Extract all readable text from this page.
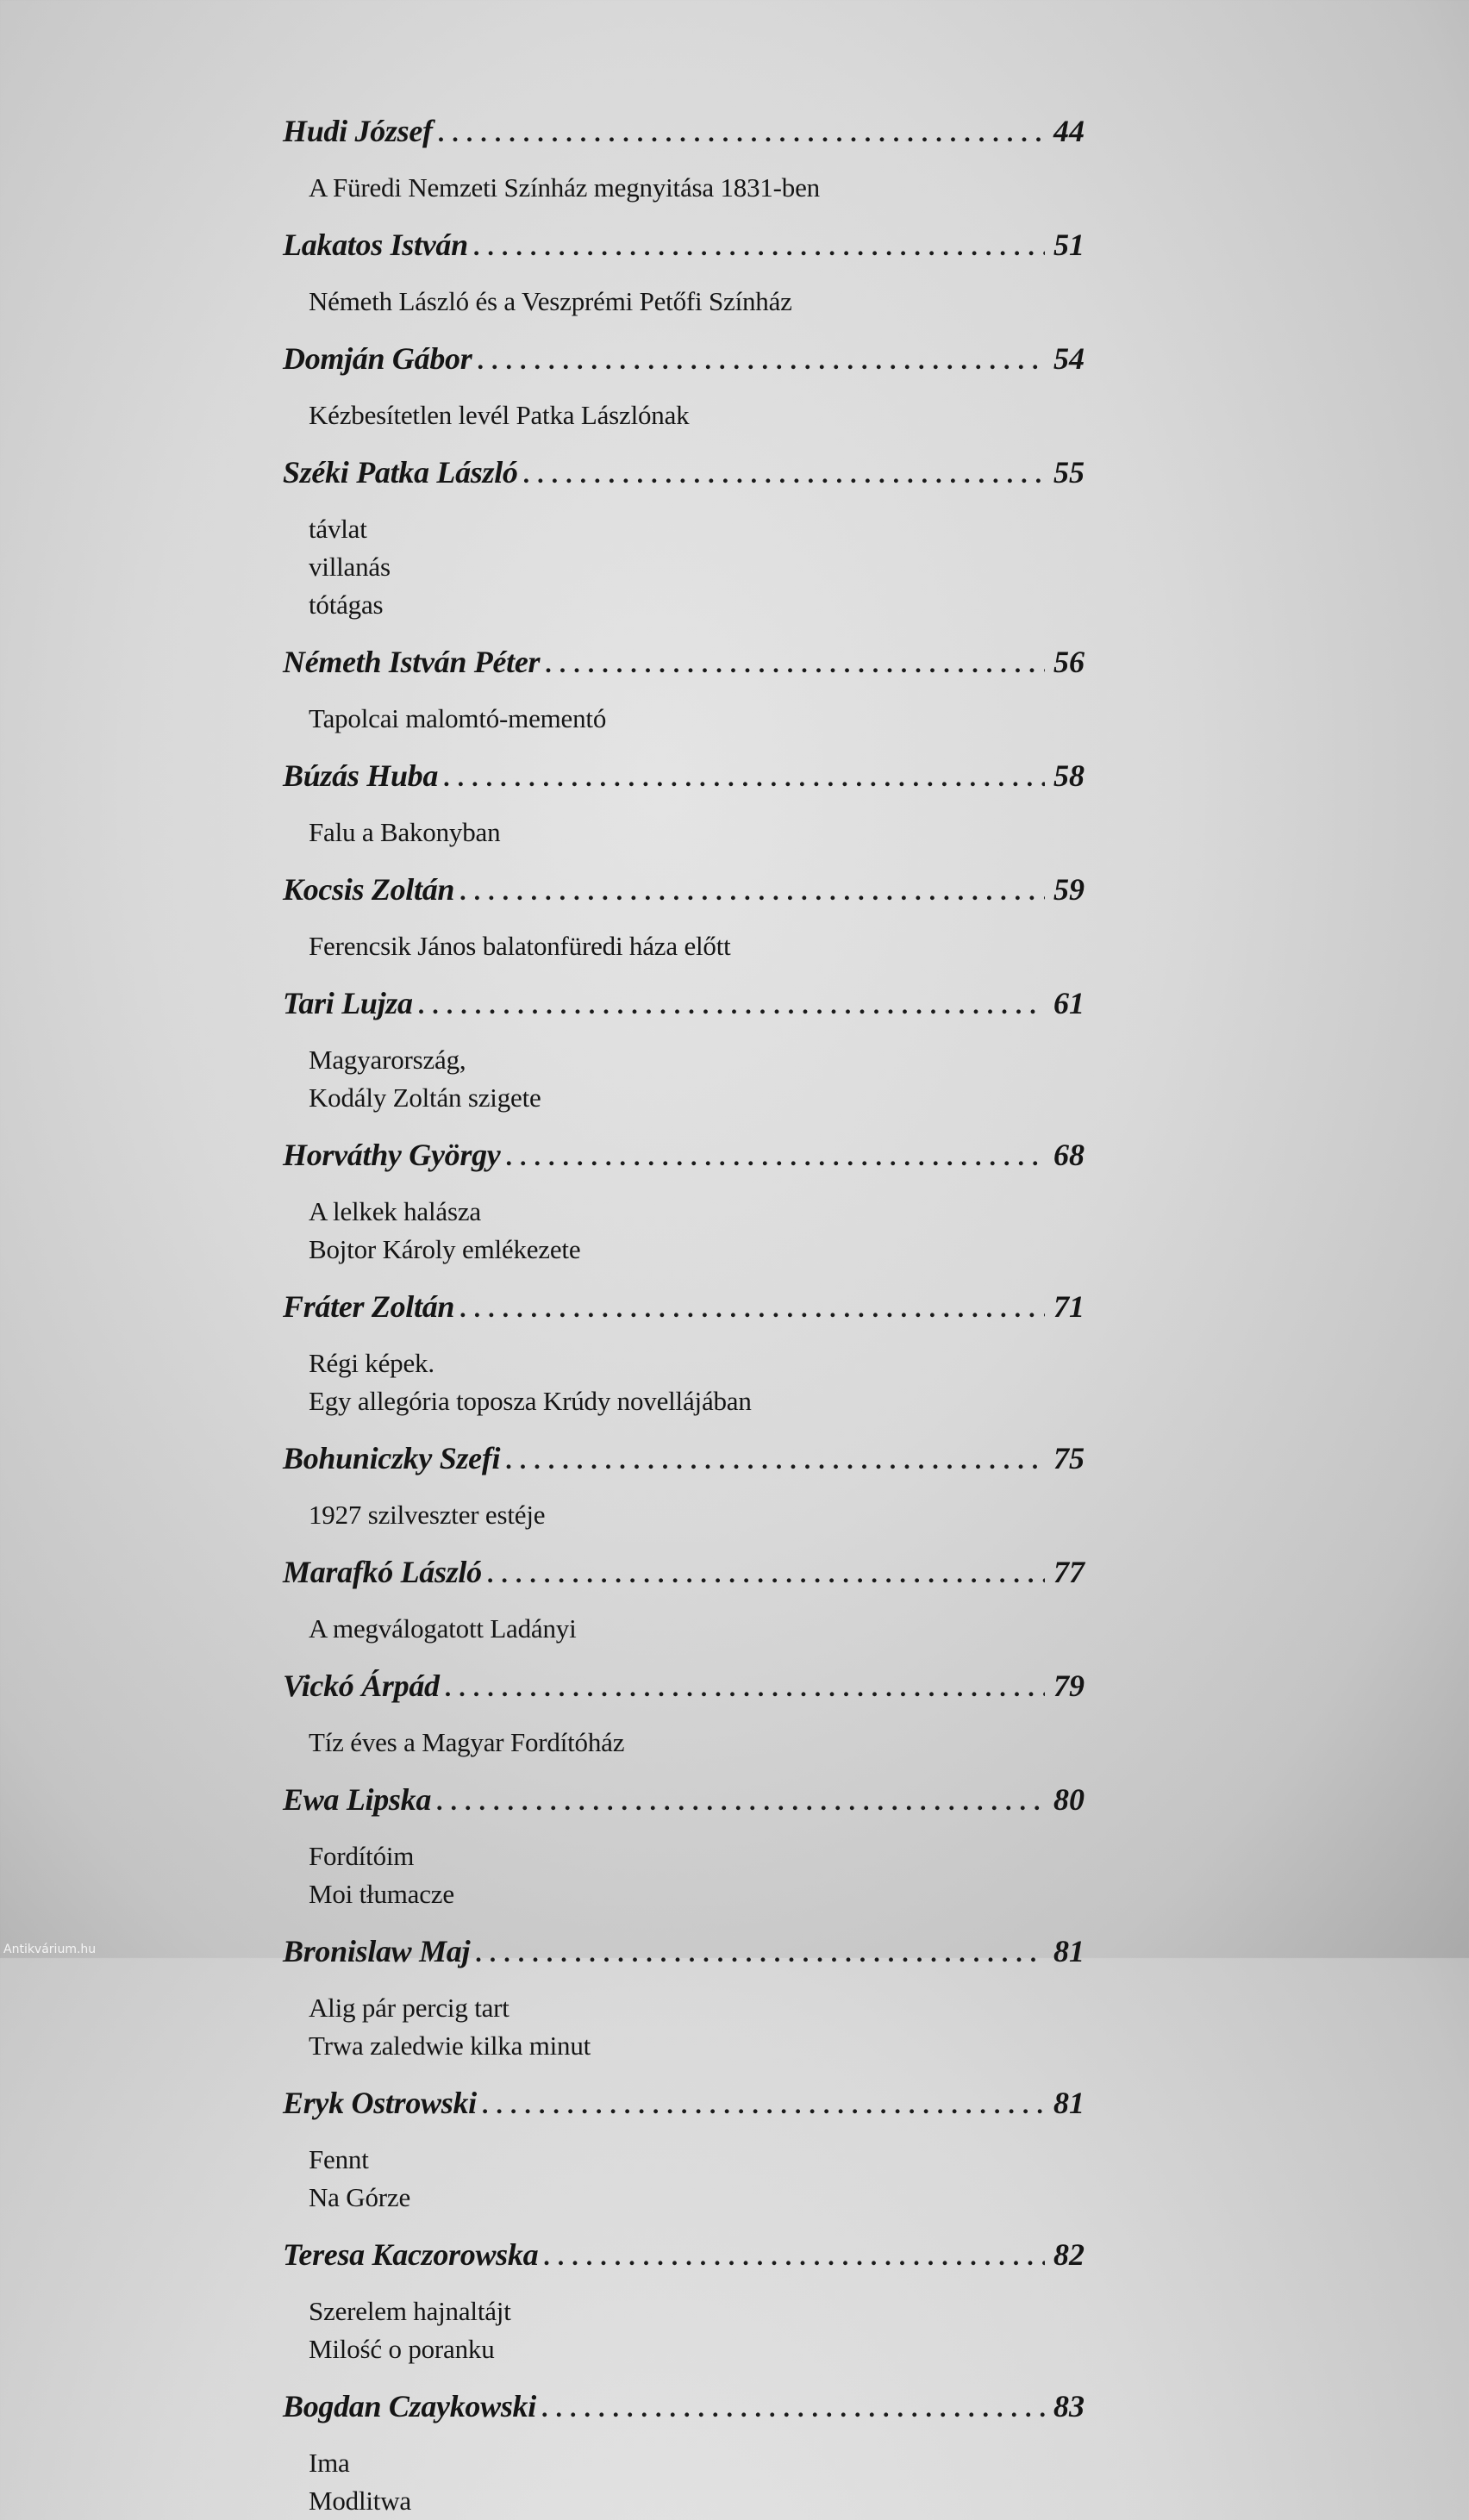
Hudi József .....	44
A Füredi Nemzeti Színház megnyitása 1831-ben
Lakatos István .....	51
Németh László és a Veszprémi Petőfi Színház
Domján Gábor .....	54
Kézbesítetlen levél Patka Lászlónak
Széki Patka László .....	55
távlat
villanás
tótágas
Németh István Péter .....	56
Tapolcai malomtó-mementó
Búzás Huba .....	58
Falu a Bakonyban
Kocsis Zoltán .....	59
Ferencsik János balatonfüredi háza előtt
Tari Lujza .....	61
Magyarország,
Kodály Zoltán szigete
Horváthy György .....	68
A lelkek halásza
Bojtor Károly emlékezete
Fráter Zoltán .....	71
Régi képek.
Egy allegória toposza Krúdy novellájában
Bohuniczky Szefi .....	75
1927 szilveszter estéje
Marafkó László .....	77
A megválogatott Ladányi
Vickó Árpád .....	79
Tíz éves a Magyar Fordítóház
Ewa Lipska .....	80
Fordítóim
Moi tłumacze
Bronislaw Maj .....	81
Alig pár percig tart
Trwa zaledwie kilka minut
Eryk Ostrowski .....	81
Fennt
Na Górze
Teresa Kaczorowska .....	82
Szerelem hajnaltájt
Milość o poranku
Bogdan Czaykowski .....	83
Ima
Modlitwa
Antikvárium.hu
